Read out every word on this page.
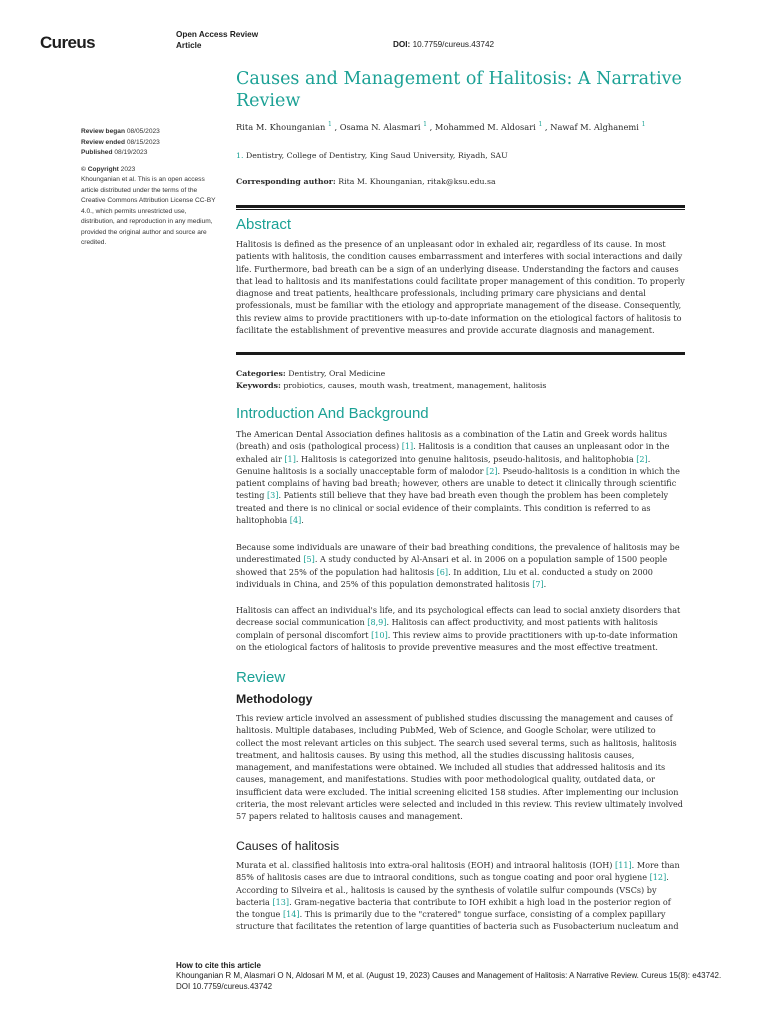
Cureus	Open Access Review
Article	DOI: 10.7759/cureus.43742
Review began 08/05/2023
Review ended 08/15/2023
Published 08/19/2023
© Copyright 2023
Khounganian et al. This is an open access article distributed under the terms of the Creative Commons Attribution License CC-BY 4.0., which permits unrestricted use, distribution, and reproduction in any medium, provided the original author and source are credited.
Causes and Management of Halitosis: A Narrative Review
Rita M. Khounganian $^1$ , Osama N. Alasmari $^1$ , Mohammed M. Aldosari $^1$ , Nawaf M. Alghanemi $^1$
1. Dentistry, College of Dentistry, King Saud University, Riyadh, SAU
Corresponding author: Rita M. Khounganian, ritak@ksu.edu.sa
Abstract

Halitosis is defined as the presence of an unpleasant odor in exhaled air, regardless of its cause. In most patients with halitosis, the condition causes embarrassment and interferes with social interactions and daily life. Furthermore, bad breath can be a sign of an underlying disease. Understanding the factors and causes that lead to halitosis and its manifestations could facilitate proper management of this condition. To properly diagnose and treat patients, healthcare professionals, including primary care physicians and dental professionals, must be familiar with the etiology and appropriate management of the disease. Consequently, this review aims to provide practitioners with up-to-date information on the etiological factors of halitosis to facilitate the establishment of preventive measures and provide accurate diagnosis and management.

Categories: Dentistry, Oral Medicine
Keywords: probiotics, causes, mouth wash, treatment, management, halitosis
Introduction And Background

The American Dental Association defines halitosis as a combination of the Latin and Greek words halitus (breath) and osis (pathological process) [1]. Halitosis is a condition that causes an unpleasant odor in the exhaled air [1]. Halitosis is categorized into genuine halitosis, pseudo-halitosis, and halitophobia [2]. Genuine halitosis is a socially unacceptable form of malodor [2]. Pseudo-halitosis is a condition in which the patient complains of having bad breath; however, others are unable to detect it clinically through scientific testing [3]. Patients still believe that they have bad breath even though the problem has been completely treated and there is no clinical or social evidence of their complaints. This condition is referred to as halitophobia [4].

Because some individuals are unaware of their bad breathing conditions, the prevalence of halitosis may be underestimated [5]. A study conducted by Al-Ansari et al. in 2006 on a population sample of 1500 people showed that 25% of the population had halitosis [6]. In addition, Liu et al. conducted a study on 2000 individuals in China, and 25% of this population demonstrated halitosis [7].

Halitosis can affect an individual's life, and its psychological effects can lead to social anxiety disorders that decrease social communication [8,9]. Halitosis can affect productivity, and most patients with halitosis complain of personal discomfort [10]. This review aims to provide practitioners with up-to-date information on the etiological factors of halitosis to provide preventive measures and the most effective treatment.

Review
Methodology

This review article involved an assessment of published studies discussing the management and causes of halitosis. Multiple databases, including PubMed, Web of Science, and Google Scholar, were utilized to collect the most relevant articles on this subject. The search used several terms, such as halitosis, halitosis treatment, and halitosis causes. By using this method, all the studies discussing halitosis causes, management, and manifestations were obtained. We included all studies that addressed halitosis and its causes, management, and manifestations. Studies with poor methodological quality, outdated data, or insufficient data were excluded. The initial screening elicited 158 studies. After implementing our inclusion criteria, the most relevant articles were selected and included in this review. This review ultimately involved 57 papers related to halitosis causes and management.

Causes of halitosis

Murata et al. classified halitosis into extra-oral halitosis (EOH) and intraoral halitosis (IOH) [11]. More than 85% of halitosis cases are due to intraoral conditions, such as tongue coating and poor oral hygiene [12]. According to Silveira et al., halitosis is caused by the synthesis of volatile sulfur compounds (VSCs) by bacteria [13]. Gram-negative bacteria that contribute to IOH exhibit a high load in the posterior region of the tongue [14]. This is primarily due to the "cratered" tongue surface, consisting of a complex papillary structure that facilitates the retention of large quantities of bacteria such as Fusobacterium nucleatum and

How to cite this article
Khounganian R M, Alasmari O N, Aldosari M M, et al. (August 19, 2023) Causes and Management of Halitosis: A Narrative Review. Cureus 15(8): e43742. DOI 10.7759/cureus.43742
